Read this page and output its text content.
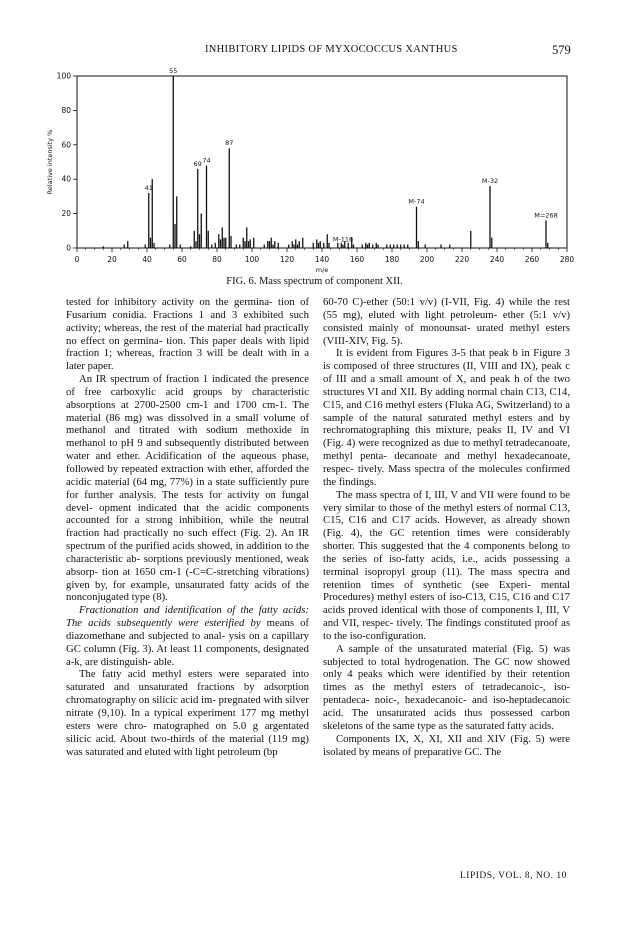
INHIBITORY LIPIDS OF MYXOCOCCUS XANTHUS	579
0	20	40	60	80	100	120	140	160	180	200	220	240	260	280
0
20
40
60
80
100
m/e
Relative intensity %
55
41
69 74
87
M-116
M-74
M-32
M=268
FIG. 6. Mass spectrum of component XII.

tested for inhibitory activity on the germina- tion of Fusarium conidia. Fractions 1 and 3 exhibited such activity; whereas, the rest of the material had practically no effect on germina- tion. This paper deals with lipid fraction 1; whereas, fraction 3 will be dealt with in a later paper.

An IR spectrum of fraction 1 indicated the presence of free carboxylic acid groups by characteristic absorptions at 2700-2500 cm-1 and 1700 cm-1. The material (86 mg) was dissolved in a small volume of methanol and titrated with sodium methoxide in methanol to pH 9 and subsequently distributed between water and ether. Acidification of the aqueous phase, followed by repeated extraction with ether, afforded the acidic material (64 mg, 77%) in a state sufficiently pure for further analysis. The tests for activity on fungal devel- opment indicated that the acidic components accounted for a strong inhibition, while the neutral fraction had practically no such effect (Fig. 2). An IR spectrum of the purified acids showed, in addition to the characteristic ab- sorptions previously mentioned, weak absorp- tion at 1650 cm-1 (-C=C-stretching vibrations) given by, for example, unsaturated fatty acids of the nonconjugated type (8).

Fractionation and identification of the fatty acids: The acids subsequently were esterified by means of diazomethane and subjected to anal- ysis on a capillary GC column (Fig. 3). At least 11 components, designated a-k, are distinguish- able.

The fatty acid methyl esters were separated into saturated and unsaturated fractions by adsorption chromatography on silicic acid im- pregnated with silver nitrate (9,10). In a typical experiment 177 mg methyl esters were chro- matographed on 5.0 g argentated silicic acid. About two-thirds of the material (119 mg) was saturated and eluted with light petroleum (bp

60-70 C)-ether (50:1 v/v) (I-VII, Fig. 4) while the rest (55 mg), eluted with light petroleum- ether (5:1 v/v) consisted mainly of monounsat- urated methyl esters (VIII-XIV, Fig. 5).

It is evident from Figures 3-5 that peak b in Figure 3 is composed of three structures (II, VIII and IX), peak c of III and a small amount of X, and peak h of the two structures VI and XII. By adding normal chain C13, C14, C15, and C16 methyl esters (Fluka AG, Switzerland) to a sample of the natural saturated methyl esters and by rechromatographing this mixture, peaks II, IV and VI (Fig. 4) were recognized as due to methyl tetradecanoate, methyl penta- decanoate and methyl hexadecanoate, respec- tively. Mass spectra of the molecules confirmed the findings.

The mass spectra of I, III, V and VII were found to be very similar to those of the methyl esters of normal C13, C15, C16 and C17 acids. However, as already shown (Fig. 4), the GC retention times were considerably shorter. This suggested that the 4 components belong to the series of iso-fatty acids, i.e., acids possessing a terminal isopropyl group (11). The mass spectra and retention times of synthetic (see Experi- mental Procedures) methyl esters of iso-C13, C15, C16 and C17 acids proved identical with those of components I, III, V and VII, respec- tively. The findings constituted proof as to the iso-configuration.

A sample of the unsaturated material (Fig. 5) was subjected to total hydrogenation. The GC now showed only 4 peaks which were identified by their retention times as the methyl esters of tetradecanoic-, iso-pentadeca- noic-, hexadecanoic- and iso-heptadecanoic acid. The unsaturated acids thus possessed carbon skeletons of the same type as the saturated fatty acids.

Components IX, X, XI, XII and XIV (Fig. 5) were isolated by means of preparative GC. The

LIPIDS, VOL. 8, NO. 10
